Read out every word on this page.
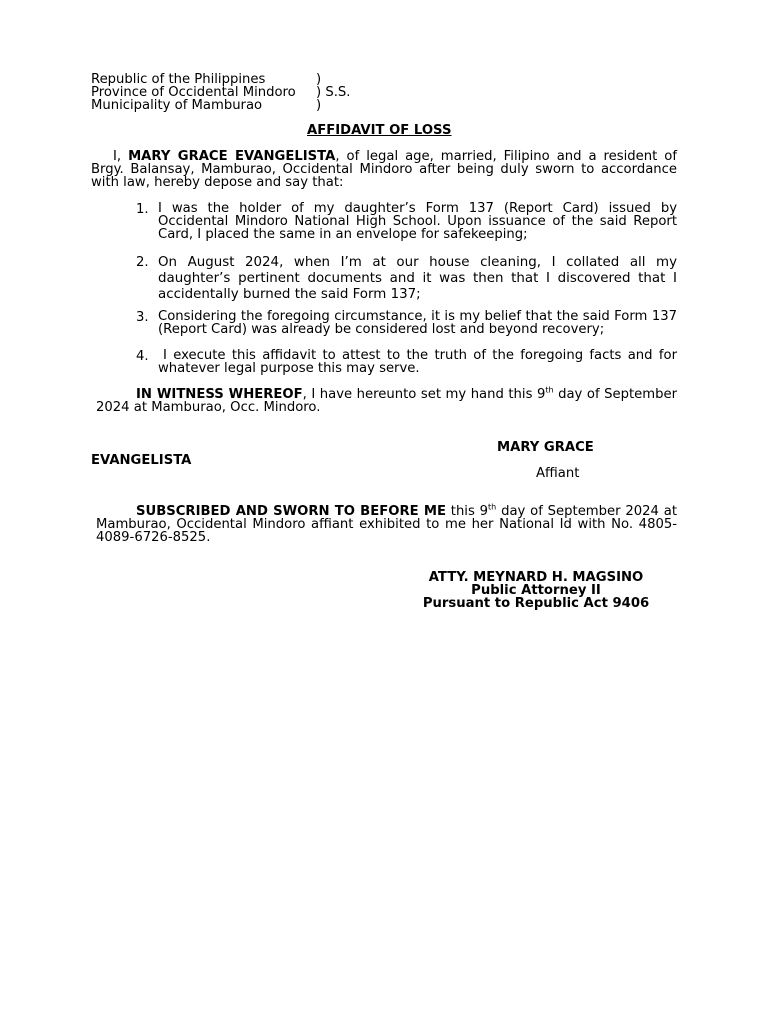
Republic of the Philippines	)
Province of Occidental Mindoro ) S.S.
Municipality of Mamburao	)
AFFIDAVIT OF LOSS
I, MARY GRACE EVANGELISTA, of legal age, married, Filipino and a resident of Brgy. Balansay, Mamburao, Occidental Mindoro after being duly sworn to accordance with law, hereby depose and say that:
1. I was the holder of my daughter’s Form 137 (Report Card) issued by Occidental Mindoro National High School. Upon issuance of the said Report Card, I placed the same in an envelope for safekeeping;
2. On August 2024, when I’m at our house cleaning, I collated all my daughter’s pertinent documents and it was then that I discovered that I accidentally burned the said Form 137;
3. Considering the foregoing circumstance, it is my belief that the said Form 137 (Report Card) was already be considered lost and beyond recovery;
4.	I execute this affidavit to attest to the truth of the foregoing facts and for whatever legal purpose this may serve.
IN WITNESS WHEREOF, I have hereunto set my hand this 9th day of September 2024 at Mamburao, Occ. Mindoro.
MARY GRACE
EVANGELISTA
Affiant
SUBSCRIBED AND SWORN TO BEFORE ME this 9th day of September 2024 at Mamburao, Occidental Mindoro affiant exhibited to me her National Id with No. 4805-4089-6726-8525.
ATTY. MEYNARD H. MAGSINO
Public Attorney II
Pursuant to Republic Act 9406
